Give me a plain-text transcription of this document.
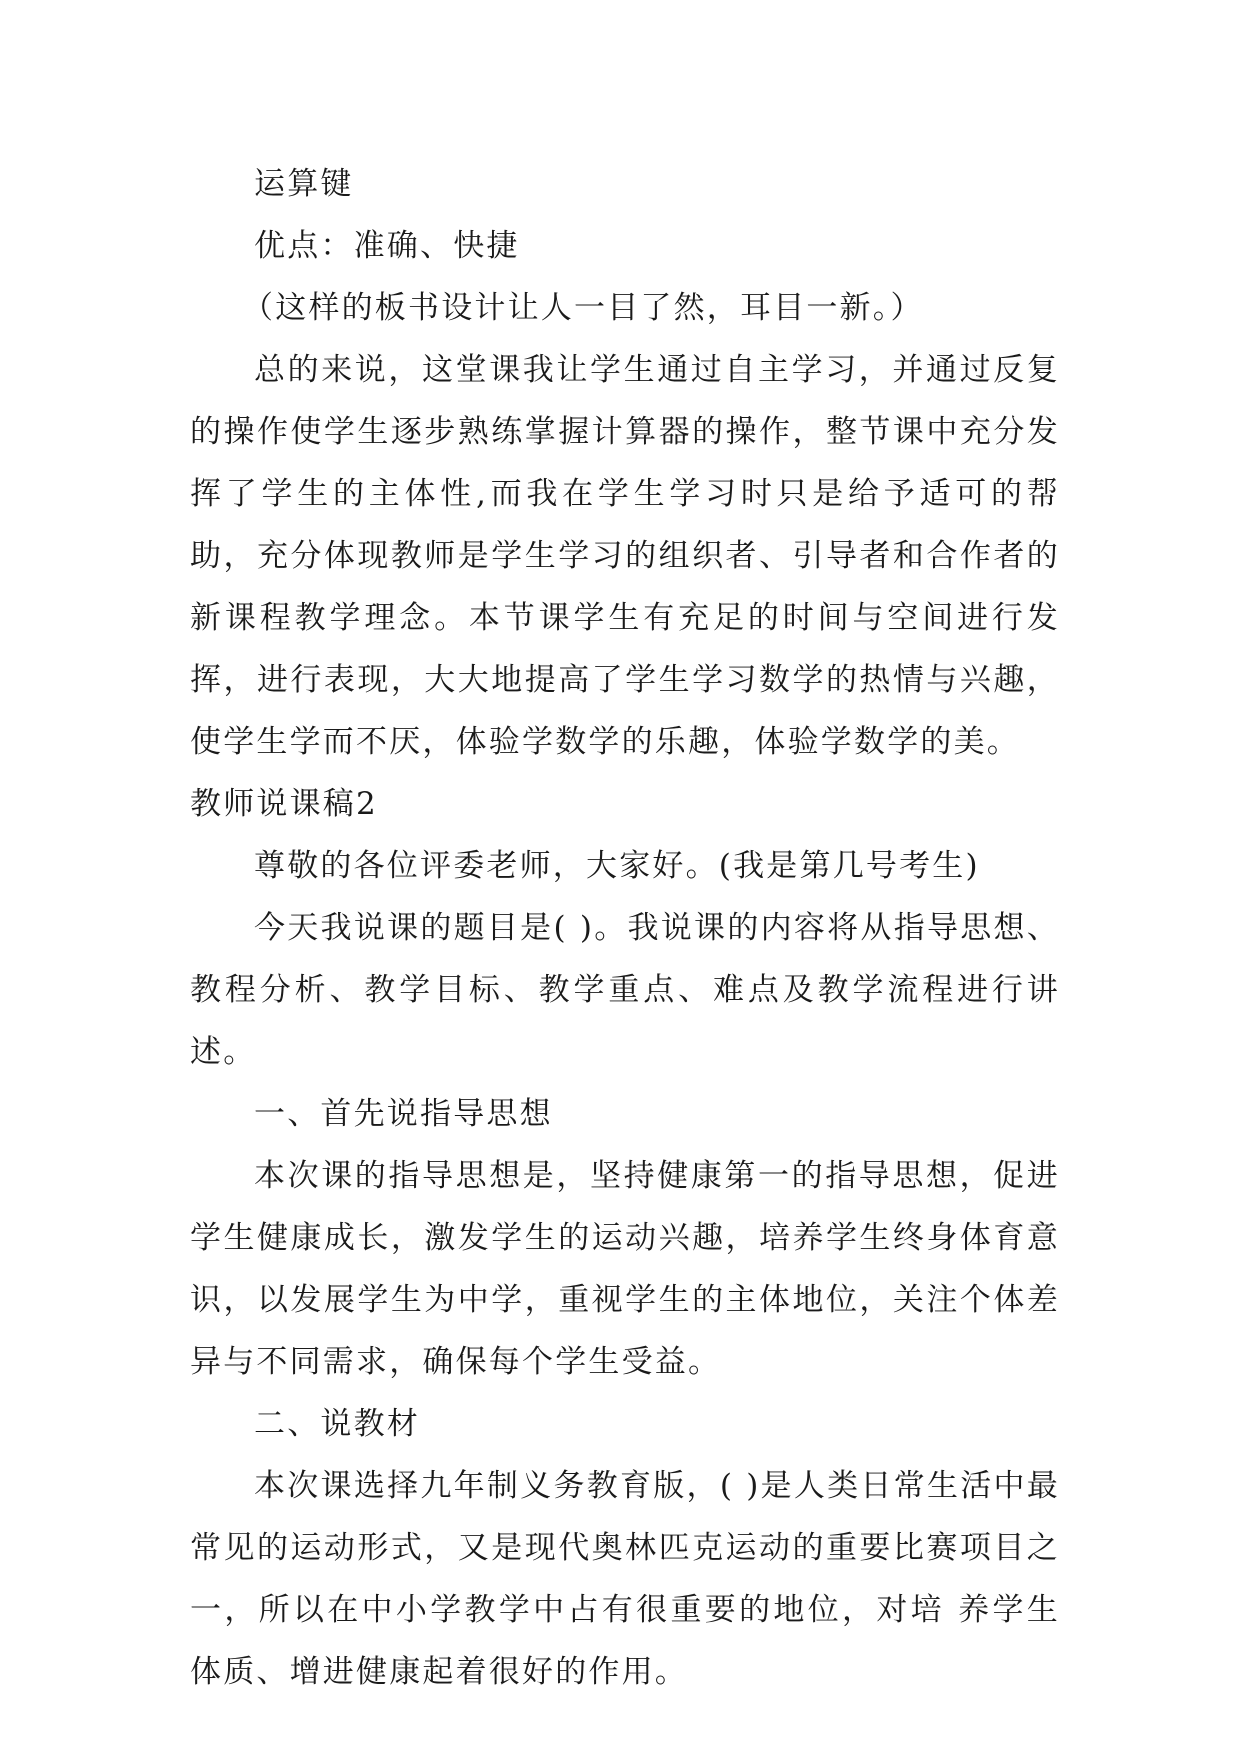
运算键

优点：准确、快捷

（这样的板书设计让人一目了然，耳目一新。）

总的来说，这堂课我让学生通过自主学习，并通过反复的操作使学生逐步熟练掌握计算器的操作，整节课中充分发挥了学生的主体性,而我在学生学习时只是给予适可的帮助，充分体现教师是学生学习的组织者、引导者和合作者的新课程教学理念。本节课学生有充足的时间与空间进行发挥，进行表现，大大地提高了学生学习数学的热情与兴趣，使学生学而不厌，体验学数学的乐趣，体验学数学的美。

教师说课稿2

尊敬的各位评委老师，大家好。(我是第几号考生)

今天我说课的题目是( )。我说课的内容将从指导思想、教程分析、教学目标、教学重点、难点及教学流程进行讲述。

一、首先说指导思想

本次课的指导思想是，坚持健康第一的指导思想，促进学生健康成长，激发学生的运动兴趣，培养学生终身体育意识，以发展学生为中学，重视学生的主体地位，关注个体差异与不同需求，确保每个学生受益。

二、说教材

本次课选择九年制义务教育版，( )是人类日常生活中最常见的运动形式，又是现代奥林匹克运动的重要比赛项目之一，所以在中小学教学中占有很重要的地位，对培 养学生体质、增进健康起着很好的作用。
